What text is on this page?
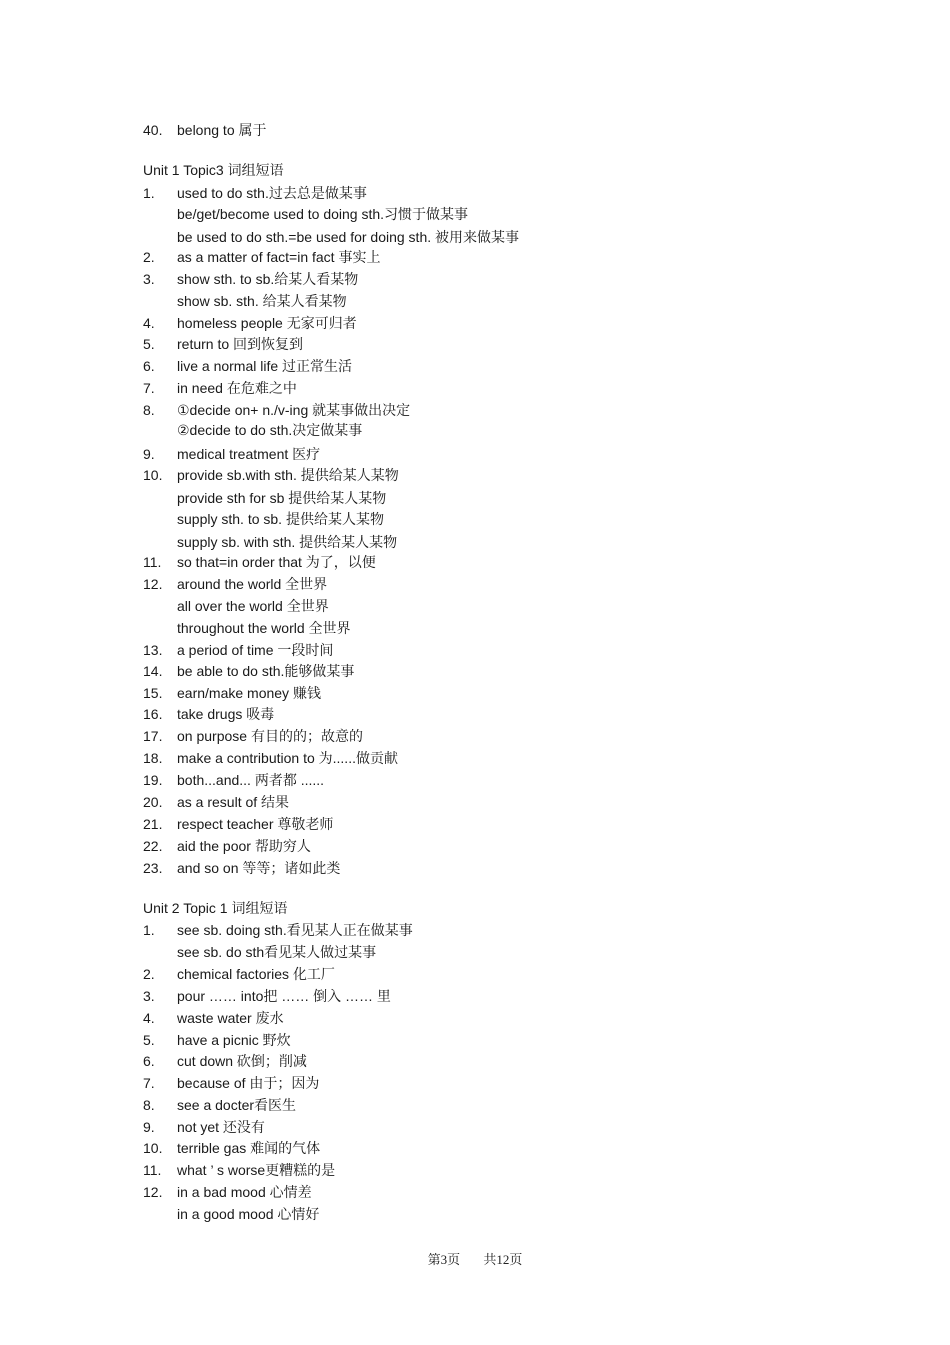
40. belong to 属于
Unit 1 Topic3 词组短语
1. used to do sth.过去总是做某事
be/get/become used to doing sth.习惯于做某事
be used to do sth.=be used for doing sth. 被用来做某事
2. as a matter of fact=in fact 事实上
3. show sth. to sb.给某人看某物
show sb. sth. 给某人看某物
4. homeless people 无家可归者
5. return to 回到恢复到
6. live a normal life 过正常生活
7. in need 在危难之中
8. ①decide on+ n./v-ing 就某事做出决定
②decide to do sth.决定做某事
9. medical treatment 医疗
10. provide sb.with sth. 提供给某人某物
provide sth for sb 提供给某人某物
supply sth. to sb. 提供给某人某物
supply sb. with sth. 提供给某人某物
11. so that=in order that 为了，以便
12. around the world 全世界
all over the world 全世界
throughout the world 全世界
13. a period of time 一段时间
14. be able to do sth.能够做某事
15. earn/make money 赚钱
16. take drugs 吸毒
17. on purpose 有目的的；故意的
18. make a contribution to 为......做贡献
19. both...and... 两者都 ......
20. as a result of 结果
21. respect teacher 尊敬老师
22. aid the poor 帮助穷人
23. and so on 等等；诸如此类
Unit 2 Topic 1 词组短语
1. see sb. doing sth.看见某人正在做某事
see sb. do sth看见某人做过某事
2. chemical factories 化工厂
3. pour …… into把 …… 倒入 …… 里
4. waste water 废水
5. have a picnic 野炊
6. cut down 砍倒；削减
7. because of 由于；因为
8. see a docter看医生
9. not yet 还没有
10. terrible gas 难闻的气体
11. what ’ s worse更糟糕的是
12. in a bad mood 心情差
in a good mood 心情好
第3页 共12页
